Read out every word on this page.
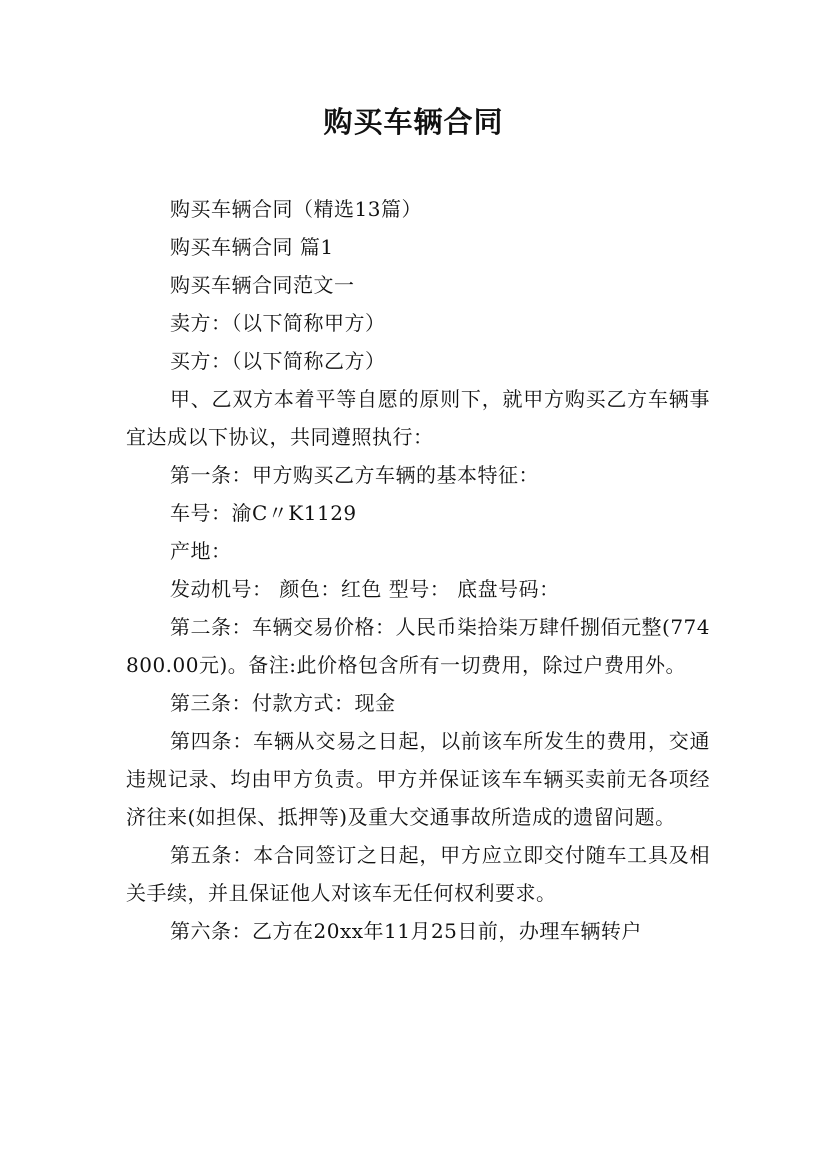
购买车辆合同

购买车辆合同（精选13篇）

购买车辆合同 篇1

购买车辆合同范文一

卖方：（以下简称甲方）

买方：（以下简称乙方）

甲、乙双方本着平等自愿的原则下，就甲方购买乙方车辆事宜达成以下协议，共同遵照执行：

第一条：甲方购买乙方车辆的基本特征：

车号：渝C〃K1129

产地：

发动机号： 颜色：红色 型号： 底盘号码：

第二条：车辆交易价格：人民币柒拾柒万肆仟捌佰元整(774800.00元)。备注:此价格包含所有一切费用，除过户费用外。

第三条：付款方式：现金

第四条：车辆从交易之日起，以前该车所发生的费用，交通违规记录、均由甲方负责。甲方并保证该车车辆买卖前无各项经济往来(如担保、抵押等)及重大交通事故所造成的遗留问题。

第五条：本合同签订之日起，甲方应立即交付随车工具及相关手续，并且保证他人对该车无任何权利要求。

第六条：乙方在20xx年11月25日前，办理车辆转户
